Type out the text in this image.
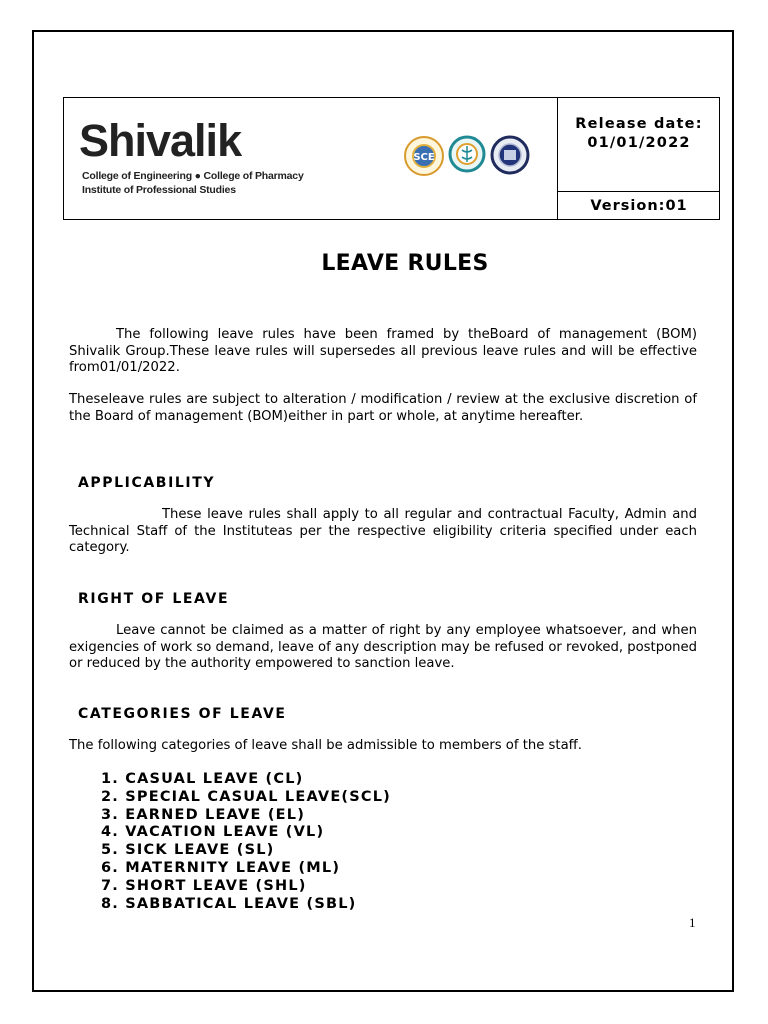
Shivalik
College of Engineering ● College of Pharmacy
Institute of Professional Studies
SCE
Release date:
01/01/2022
Version:01
LEAVE RULES
The following leave rules have been framed by theBoard of management (BOM) Shivalik Group.These leave rules will supersedes all previous leave rules and will be effective from01/01/2022.
Theseleave rules are subject to alteration / modification / review at the exclusive discretion of the Board of management (BOM)either in part or whole, at anytime hereafter.
APPLICABILITY
These leave rules shall apply to all regular and contractual Faculty, Admin and Technical Staff of the Instituteas per the respective eligibility criteria specified under each category.
RIGHT OF LEAVE
Leave cannot be claimed as a matter of right by any employee whatsoever, and when exigencies of work so demand, leave of any description may be refused or revoked, postponed or reduced by the authority empowered to sanction leave.
CATEGORIES OF LEAVE
The following categories of leave shall be admissible to members of the staff.
1. CASUAL LEAVE (CL)
2. SPECIAL CASUAL LEAVE(SCL)
3. EARNED LEAVE (EL)
4. VACATION LEAVE (VL)
5. SICK LEAVE (SL)
6. MATERNITY LEAVE (ML)
7. SHORT LEAVE (SHL)
8. SABBATICAL LEAVE (SBL)
1
